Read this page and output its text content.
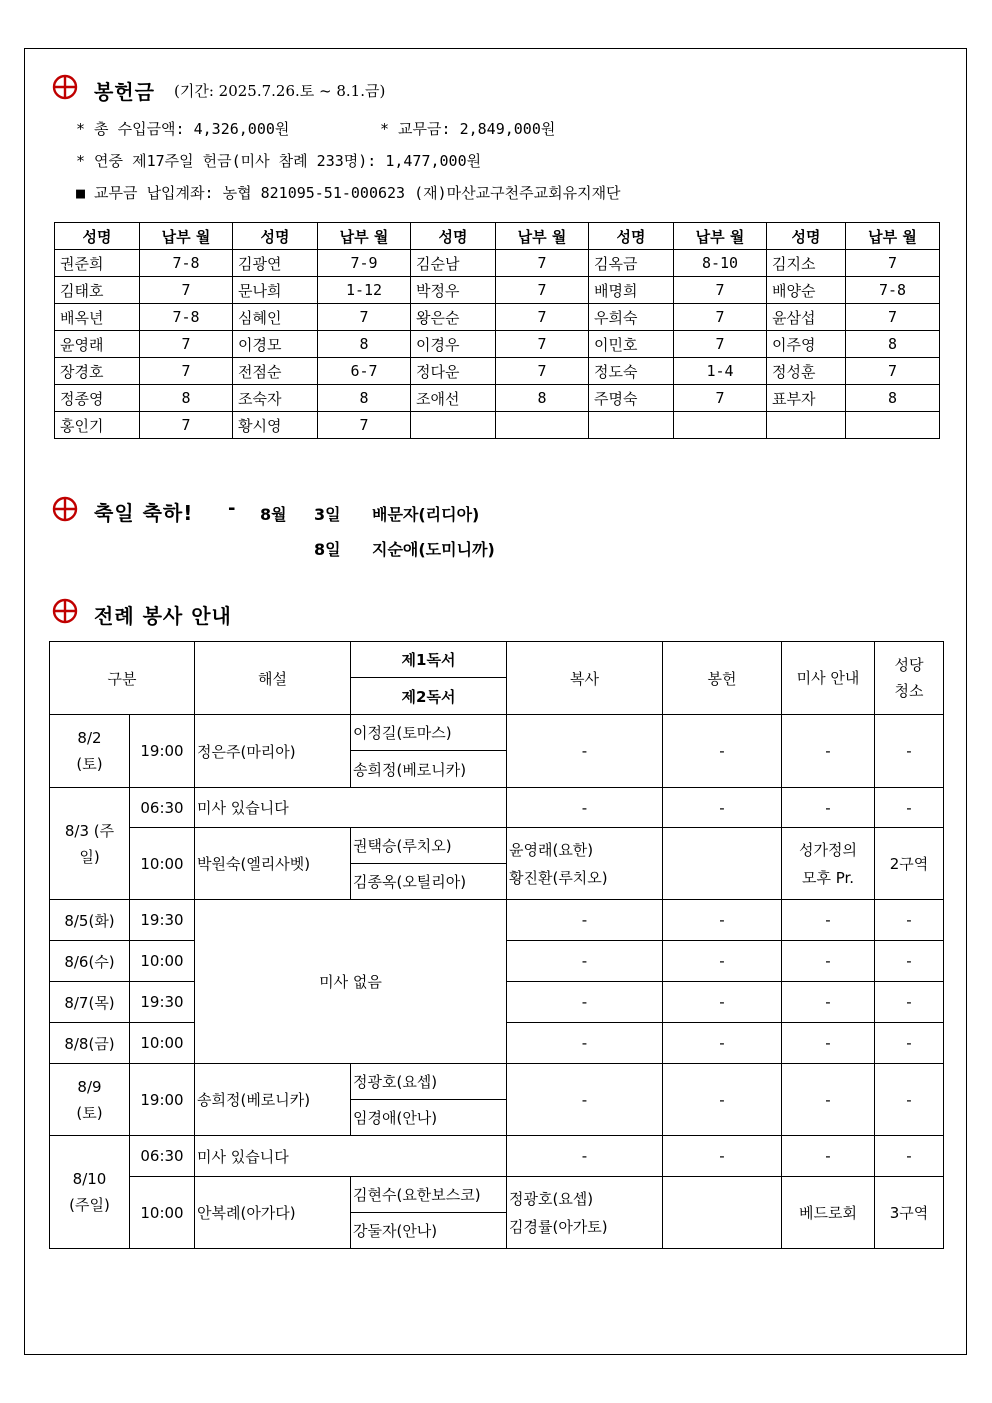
봉헌금 (기간: 2025.7.26.토 ~ 8.1.금)
* 총 수입금액: 4,326,000원	* 교무금: 2,849,000원
* 연중 제17주일 헌금(미사 참례 233명): 1,477,000원
■ 교무금 납입계좌: 농협 821095-51-000623 (재)마산교구천주교회유지재단
성명	납부 월	성명	납부 월	성명	납부 월	성명	납부 월	성명	납부 월
권준희	7-8	김광연	7-9	김순남	7	김옥금	8-10	김지소	7
김태호	7	문나희	1-12	박정우	7	배명희	7	배양순	7-8
배옥년	7-8	심혜인	7	왕은순	7	우희숙	7	윤삼섭	7
윤영래	7	이경모	8	이경우	7	이민호	7	이주영	8
장경호	7	전점순	6-7	정다운	7	정도숙	1-4	정성훈	7
정종영	8	조숙자	8	조애선	8	주명숙	7	표부자	8
홍인기	7	황시영	7						
축일 축하! - 8월 3일 배문자(리디아)
8일 지순애(도미니까)
전례 봉사 안내
구분		해설	제1독서	복사	봉헌	미사 안내	성당 청소
			제2독서				
8/2 (토)	19:00	정은주(마리아)	이정길(토마스)	-	-	-	-
			송희정(베로니카)				
8/3 (주일)	06:30	미사 있습니다		-	-	-	-
	10:00	박원숙(엘리사벳)	권택승(루치오)	윤영래(요한)
황진환(루치오)		성가정의 모후 Pr.	2구역
			김종옥(오틸리아)				
8/5(화)	19:30	미사 없음		-	-	-	-
8/6(수)	10:00			-	-	-	-
8/7(목)	19:30			-	-	-	-
8/8(금)	10:00			-	-	-	-
8/9 (토)	19:00	송희정(베로니카)	정광호(요셉)	-	-	-	-
			임경애(안나)				
8/10 (주일)	06:30	미사 있습니다		-	-	-	-
	10:00	안복례(아가다)	김현수(요한보스코)	정광호(요셉)
김경률(아가토)		베드로회	3구역
			강둘자(안나)				
